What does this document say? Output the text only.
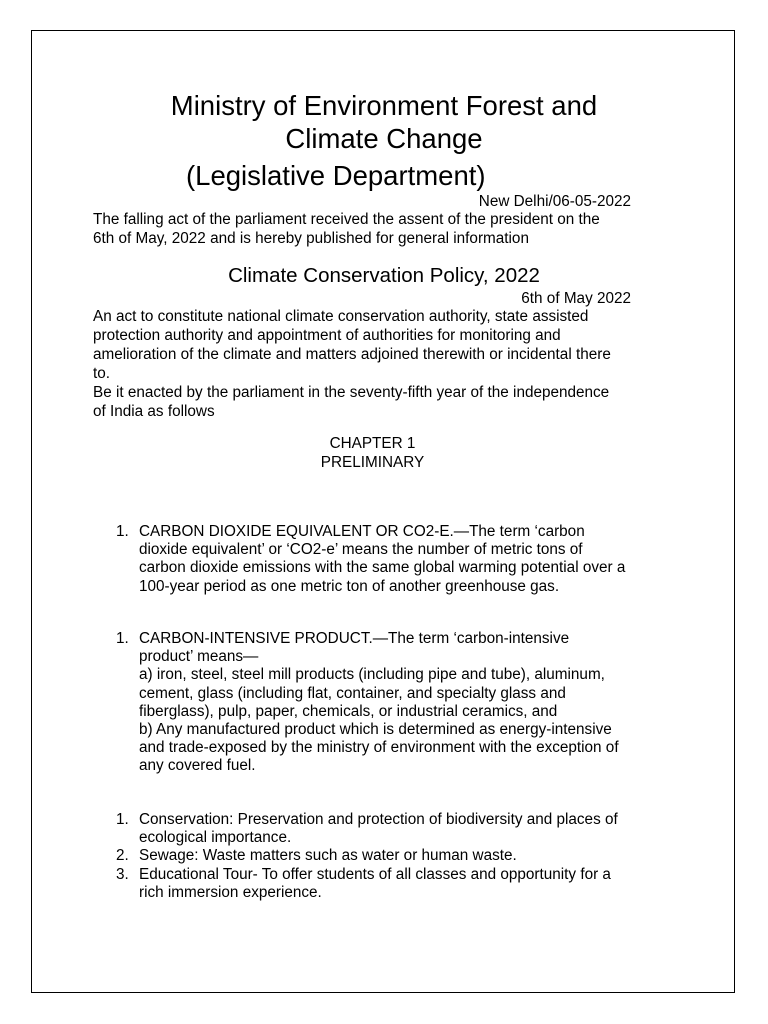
Ministry of Environment Forest and
Climate Change
(Legislative Department)
New Delhi/06-05-2022
The falling act of the parliament received the assent of the president on the
6th of May, 2022 and is hereby published for general information
Climate Conservation Policy, 2022
6th of May 2022
An act to constitute national climate conservation authority, state assisted
protection authority and appointment of authorities for monitoring and
amelioration of the climate and matters adjoined therewith or incidental there
to.
Be it enacted by the parliament in the seventy-fifth year of the independence
of India as follows
CHAPTER 1
PRELIMINARY
1. CARBON DIOXIDE EQUIVALENT OR CO2-E.—The term ‘carbon
dioxide equivalent’ or ‘CO2-e’ means the number of metric tons of
carbon dioxide emissions with the same global warming potential over a
100-year period as one metric ton of another greenhouse gas.
1. CARBON-INTENSIVE PRODUCT.—The term ‘carbon-intensive
product’ means—
a) iron, steel, steel mill products (including pipe and tube), aluminum,
cement, glass (including flat, container, and specialty glass and
fiberglass), pulp, paper, chemicals, or industrial ceramics, and
b) Any manufactured product which is determined as energy-intensive
and trade-exposed by the ministry of environment with the exception of
any covered fuel.
1. Conservation: Preservation and protection of biodiversity and places of
ecological importance.
2. Sewage: Waste matters such as water or human waste.
3. Educational Tour- To offer students of all classes and opportunity for a
rich immersion experience.
